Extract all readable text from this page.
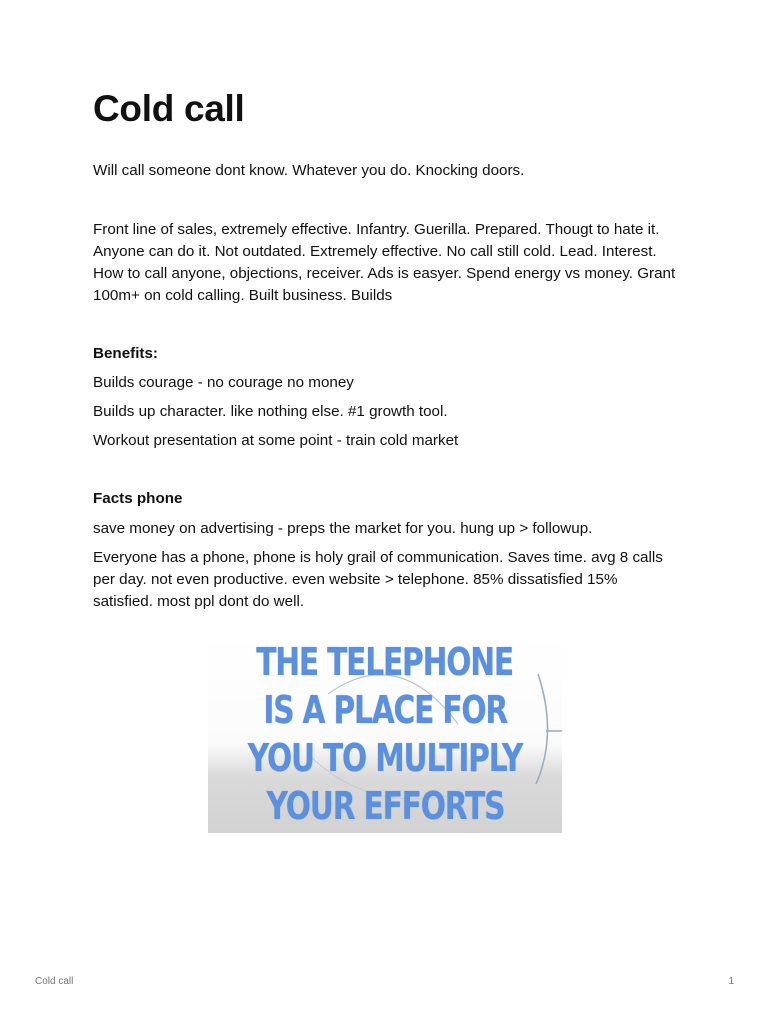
Cold call

Will call someone dont know. Whatever you do. Knocking doors.

Front line of sales, extremely effective. Infantry. Guerilla. Prepared. Thougt to hate it. Anyone can do it. Not outdated. Extremely effective. No call still cold. Lead. Interest. How to call anyone, objections, receiver. Ads is easyer. Spend energy vs money. Grant 100m+ on cold calling. Built business. Builds

Benefits:

Builds courage - no courage no money

Builds up character. like nothing else. #1 growth tool.

Workout presentation at some point - train cold market

Facts phone

save money on advertising - preps the market for you. hung up > followup.

Everyone has a phone, phone is holy grail of communication. Saves time. avg 8 calls per day. not even productive. even website > telephone. 85% dissatisfied 15% satisfied. most ppl dont do well.

THE TELEPHONE
IS A PLACE FOR
YOU TO MULTIPLY
YOUR EFFORTS
Cold call	1
